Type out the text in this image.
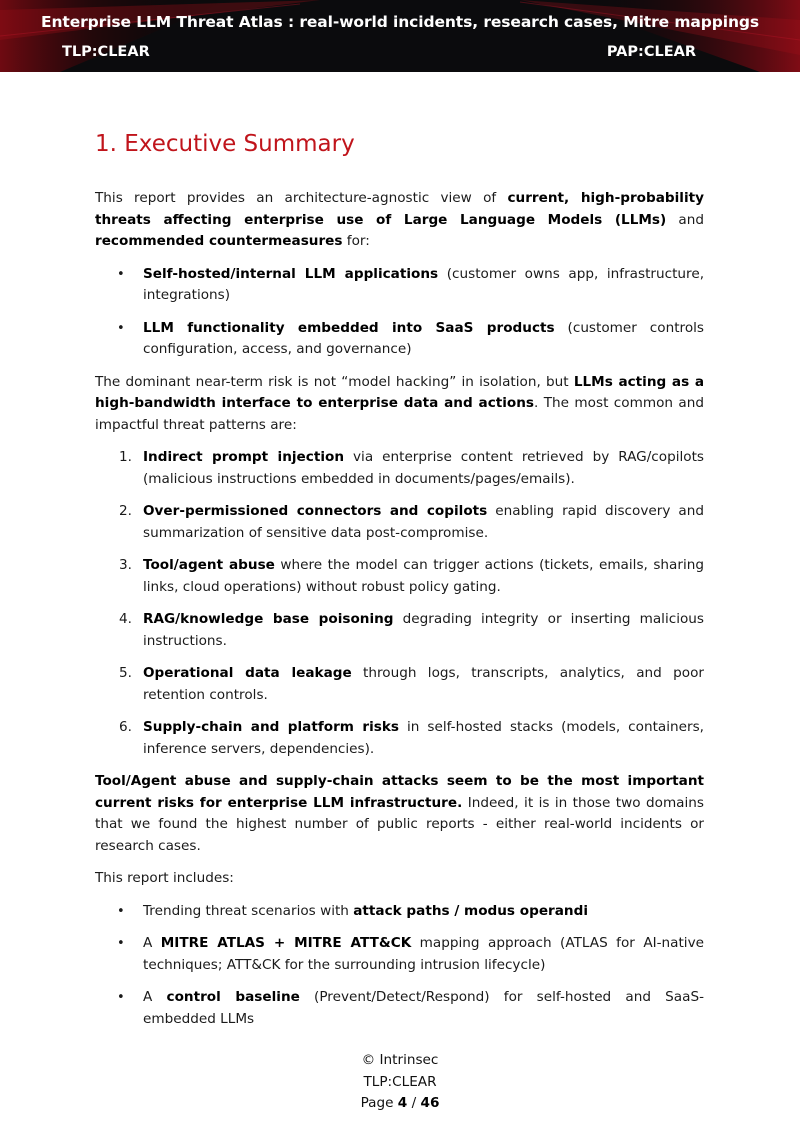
Enterprise LLM Threat Atlas : real-world incidents, research cases, Mitre mappings
TLP:CLEAR	PAP:CLEAR
1. Executive Summary

This report provides an architecture-agnostic view of current, high-probability threats affecting enterprise use of Large Language Models (LLMs) and recommended countermeasures for:

• Self-hosted/internal LLM applications (customer owns app, infrastructure, integrations)
• LLM functionality embedded into SaaS products (customer controls configuration, access, and governance)

The dominant near-term risk is not “model hacking” in isolation, but LLMs acting as a high-bandwidth interface to enterprise data and actions. The most common and impactful threat patterns are:

1. Indirect prompt injection via enterprise content retrieved by RAG/copilots (malicious instructions embedded in documents/pages/emails).
2. Over-permissioned connectors and copilots enabling rapid discovery and summarization of sensitive data post-compromise.
3. Tool/agent abuse where the model can trigger actions (tickets, emails, sharing links, cloud operations) without robust policy gating.
4. RAG/knowledge base poisoning degrading integrity or inserting malicious instructions.
5. Operational data leakage through logs, transcripts, analytics, and poor retention controls.
6. Supply-chain and platform risks in self-hosted stacks (models, containers, inference servers, dependencies).

Tool/Agent abuse and supply-chain attacks seem to be the most important current risks for enterprise LLM infrastructure. Indeed, it is in those two domains that we found the highest number of public reports - either real-world incidents or research cases.

This report includes:

• Trending threat scenarios with attack paths / modus operandi
• A MITRE ATLAS + MITRE ATT&CK mapping approach (ATLAS for AI-native techniques; ATT&CK for the surrounding intrusion lifecycle)
• A control baseline (Prevent/Detect/Respond) for self-hosted and SaaS-embedded LLMs
© Intrinsec
TLP:CLEAR
Page 4 / 46
